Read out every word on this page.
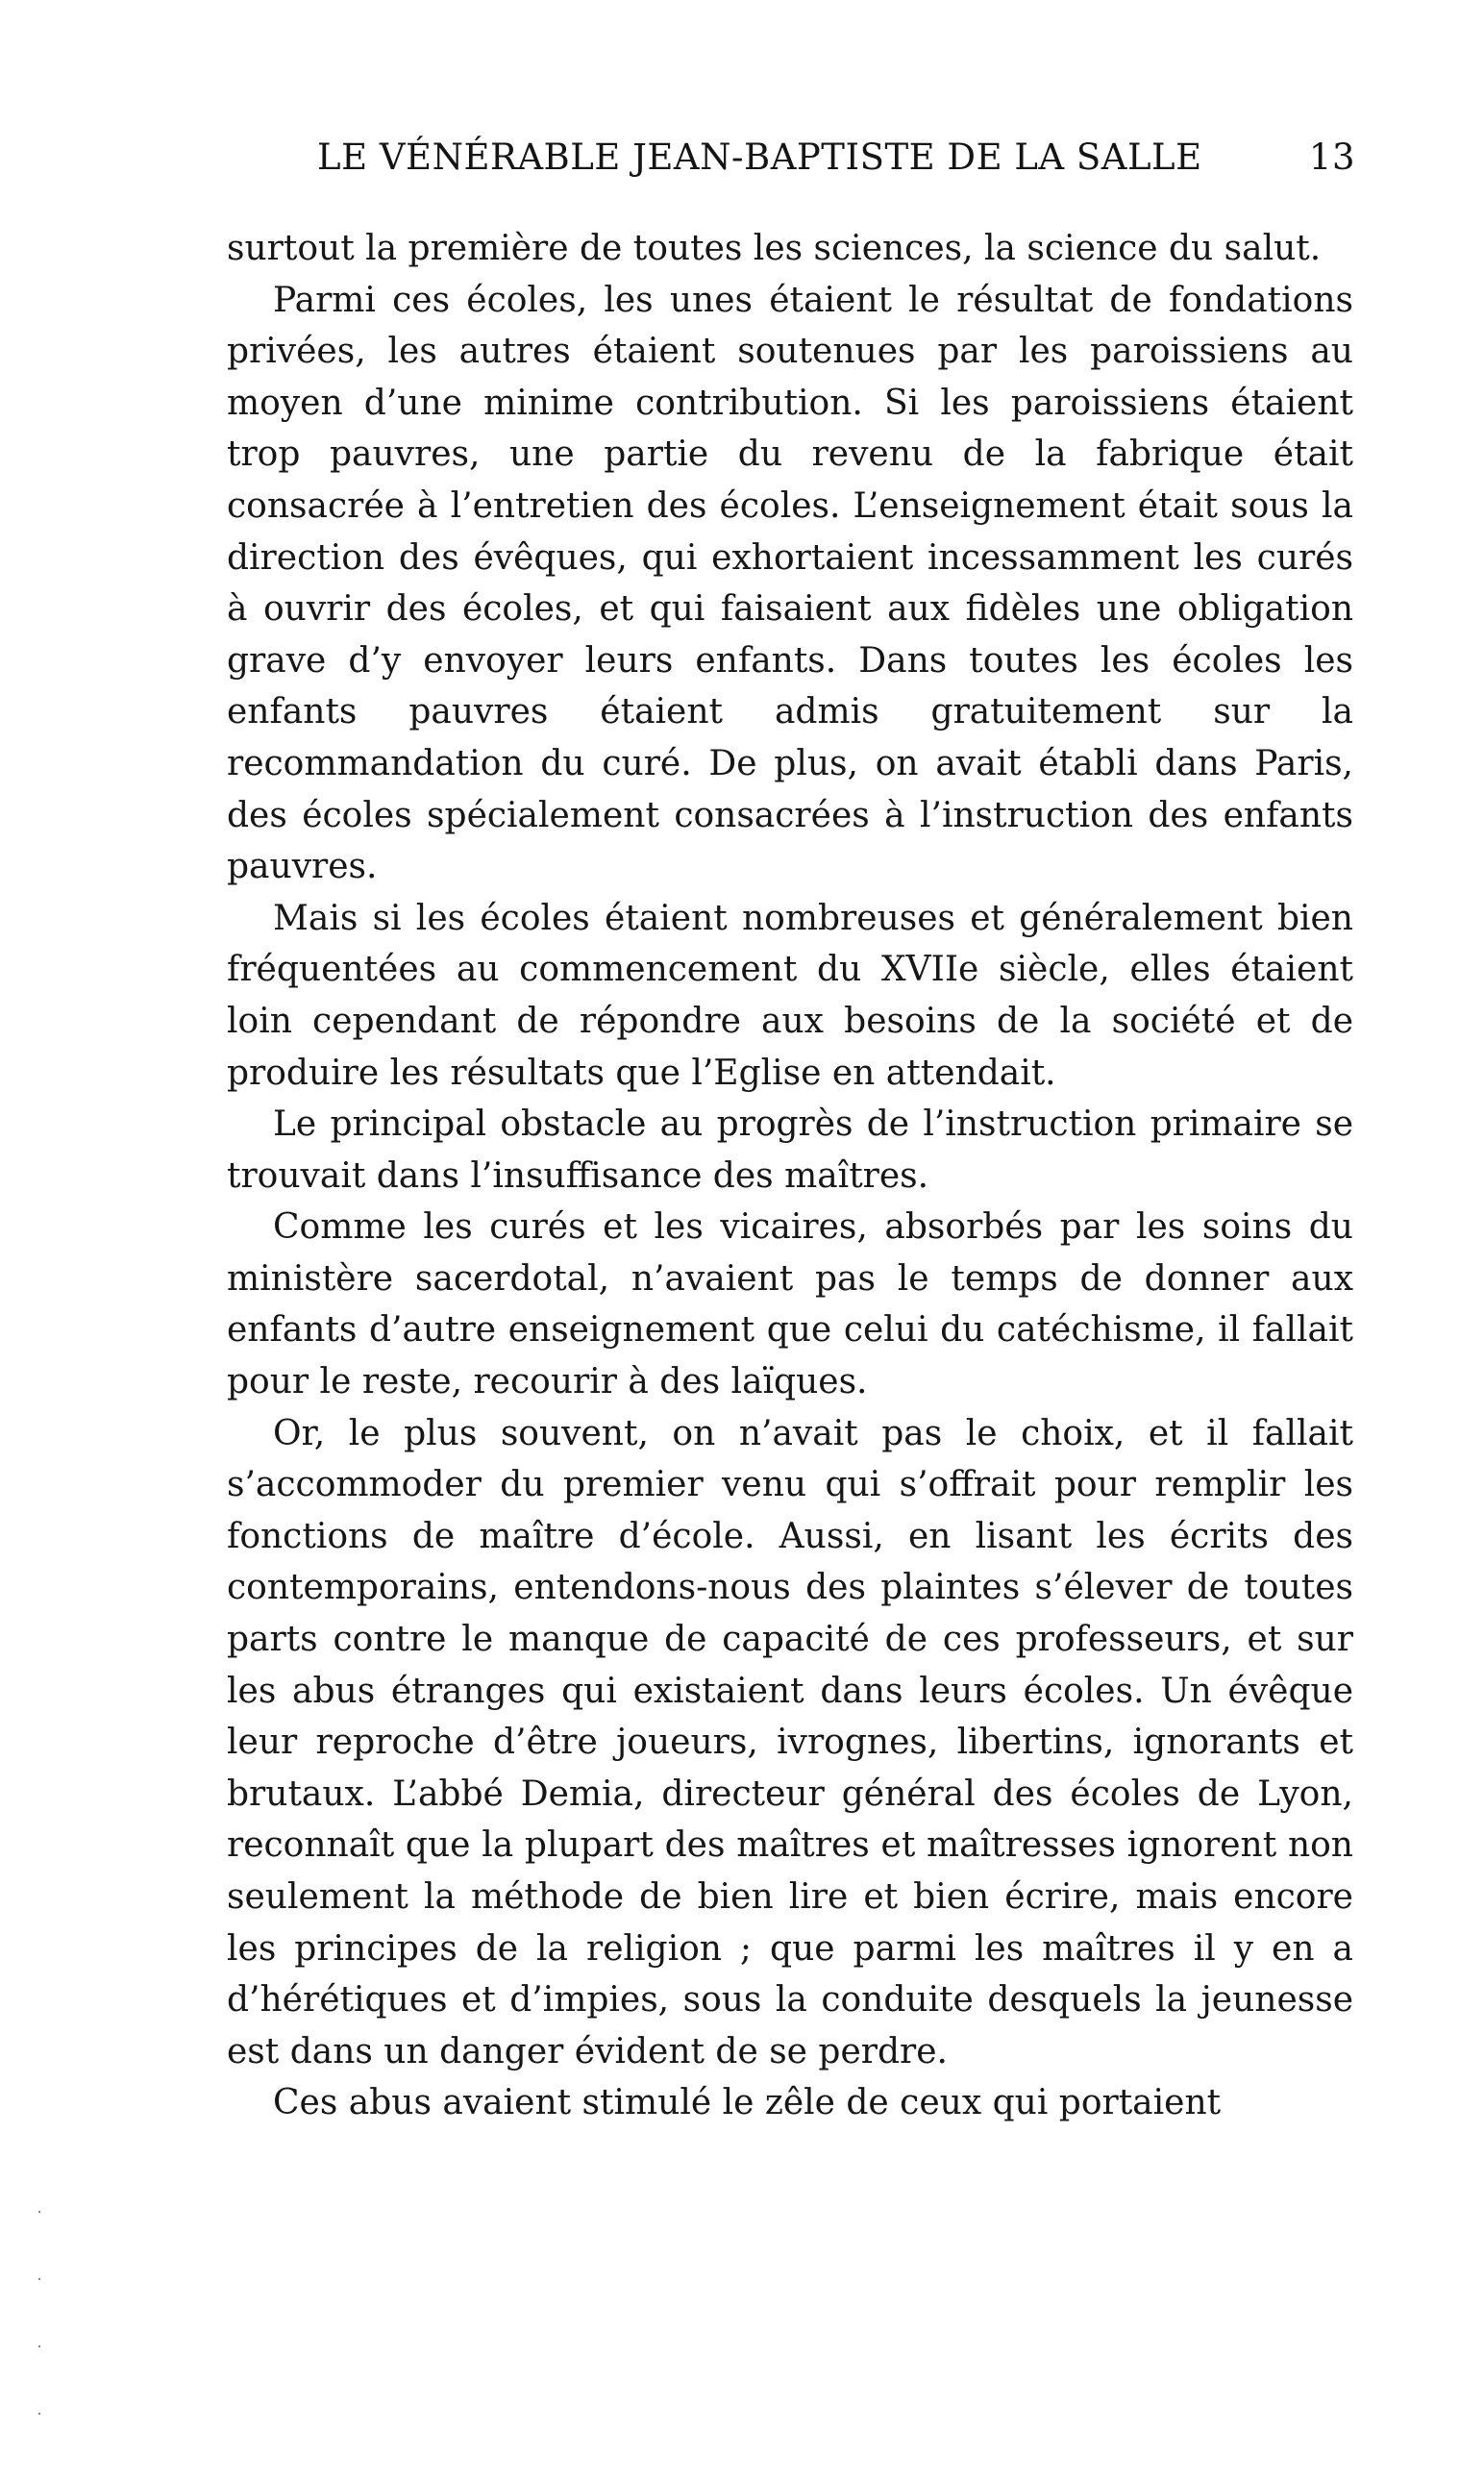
LE VÉNÉRABLE JEAN-BAPTISTE DE LA SALLE	13

surtout la première de toutes les sciences, la science du salut.

Parmi ces écoles, les unes étaient le résultat de fondations privées, les autres étaient soutenues par les paroissiens au moyen d’une minime contribution. Si les paroissiens étaient trop pauvres, une partie du revenu de la fabrique était consacrée à l’entretien des écoles. L’enseignement était sous la direction des évêques, qui exhortaient incessamment les curés à ouvrir des écoles, et qui faisaient aux fidèles une obligation grave d’y envoyer leurs enfants. Dans toutes les écoles les enfants pauvres étaient admis gratuitement sur la recommandation du curé. De plus, on avait établi dans Paris, des écoles spécialement consacrées à l’instruction des enfants pauvres.

Mais si les écoles étaient nombreuses et généralement bien fréquentées au commencement du XVIIe siècle, elles étaient loin cependant de répondre aux besoins de la société et de produire les résultats que l’Eglise en attendait.

Le principal obstacle au progrès de l’instruction primaire se trouvait dans l’insuffisance des maîtres.

Comme les curés et les vicaires, absorbés par les soins du ministère sacerdotal, n’avaient pas le temps de donner aux enfants d’autre enseignement que celui du catéchisme, il fallait pour le reste, recourir à des laïques.

Or, le plus souvent, on n’avait pas le choix, et il fallait s’accommoder du premier venu qui s’offrait pour remplir les fonctions de maître d’école. Aussi, en lisant les écrits des contemporains, entendons-nous des plaintes s’élever de toutes parts contre le manque de capacité de ces professeurs, et sur les abus étranges qui existaient dans leurs écoles. Un évêque leur reproche d’être joueurs, ivrognes, libertins, ignorants et brutaux. L’abbé Demia, directeur général des écoles de Lyon, reconnaît que la plupart des maîtres et maîtresses ignorent non seulement la méthode de bien lire et bien écrire, mais encore les principes de la religion ; que parmi les maîtres il y en a d’hérétiques et d’impies, sous la conduite desquels la jeunesse est dans un danger évident de se perdre.

Ces abus avaient stimulé le zêle de ceux qui portaient
